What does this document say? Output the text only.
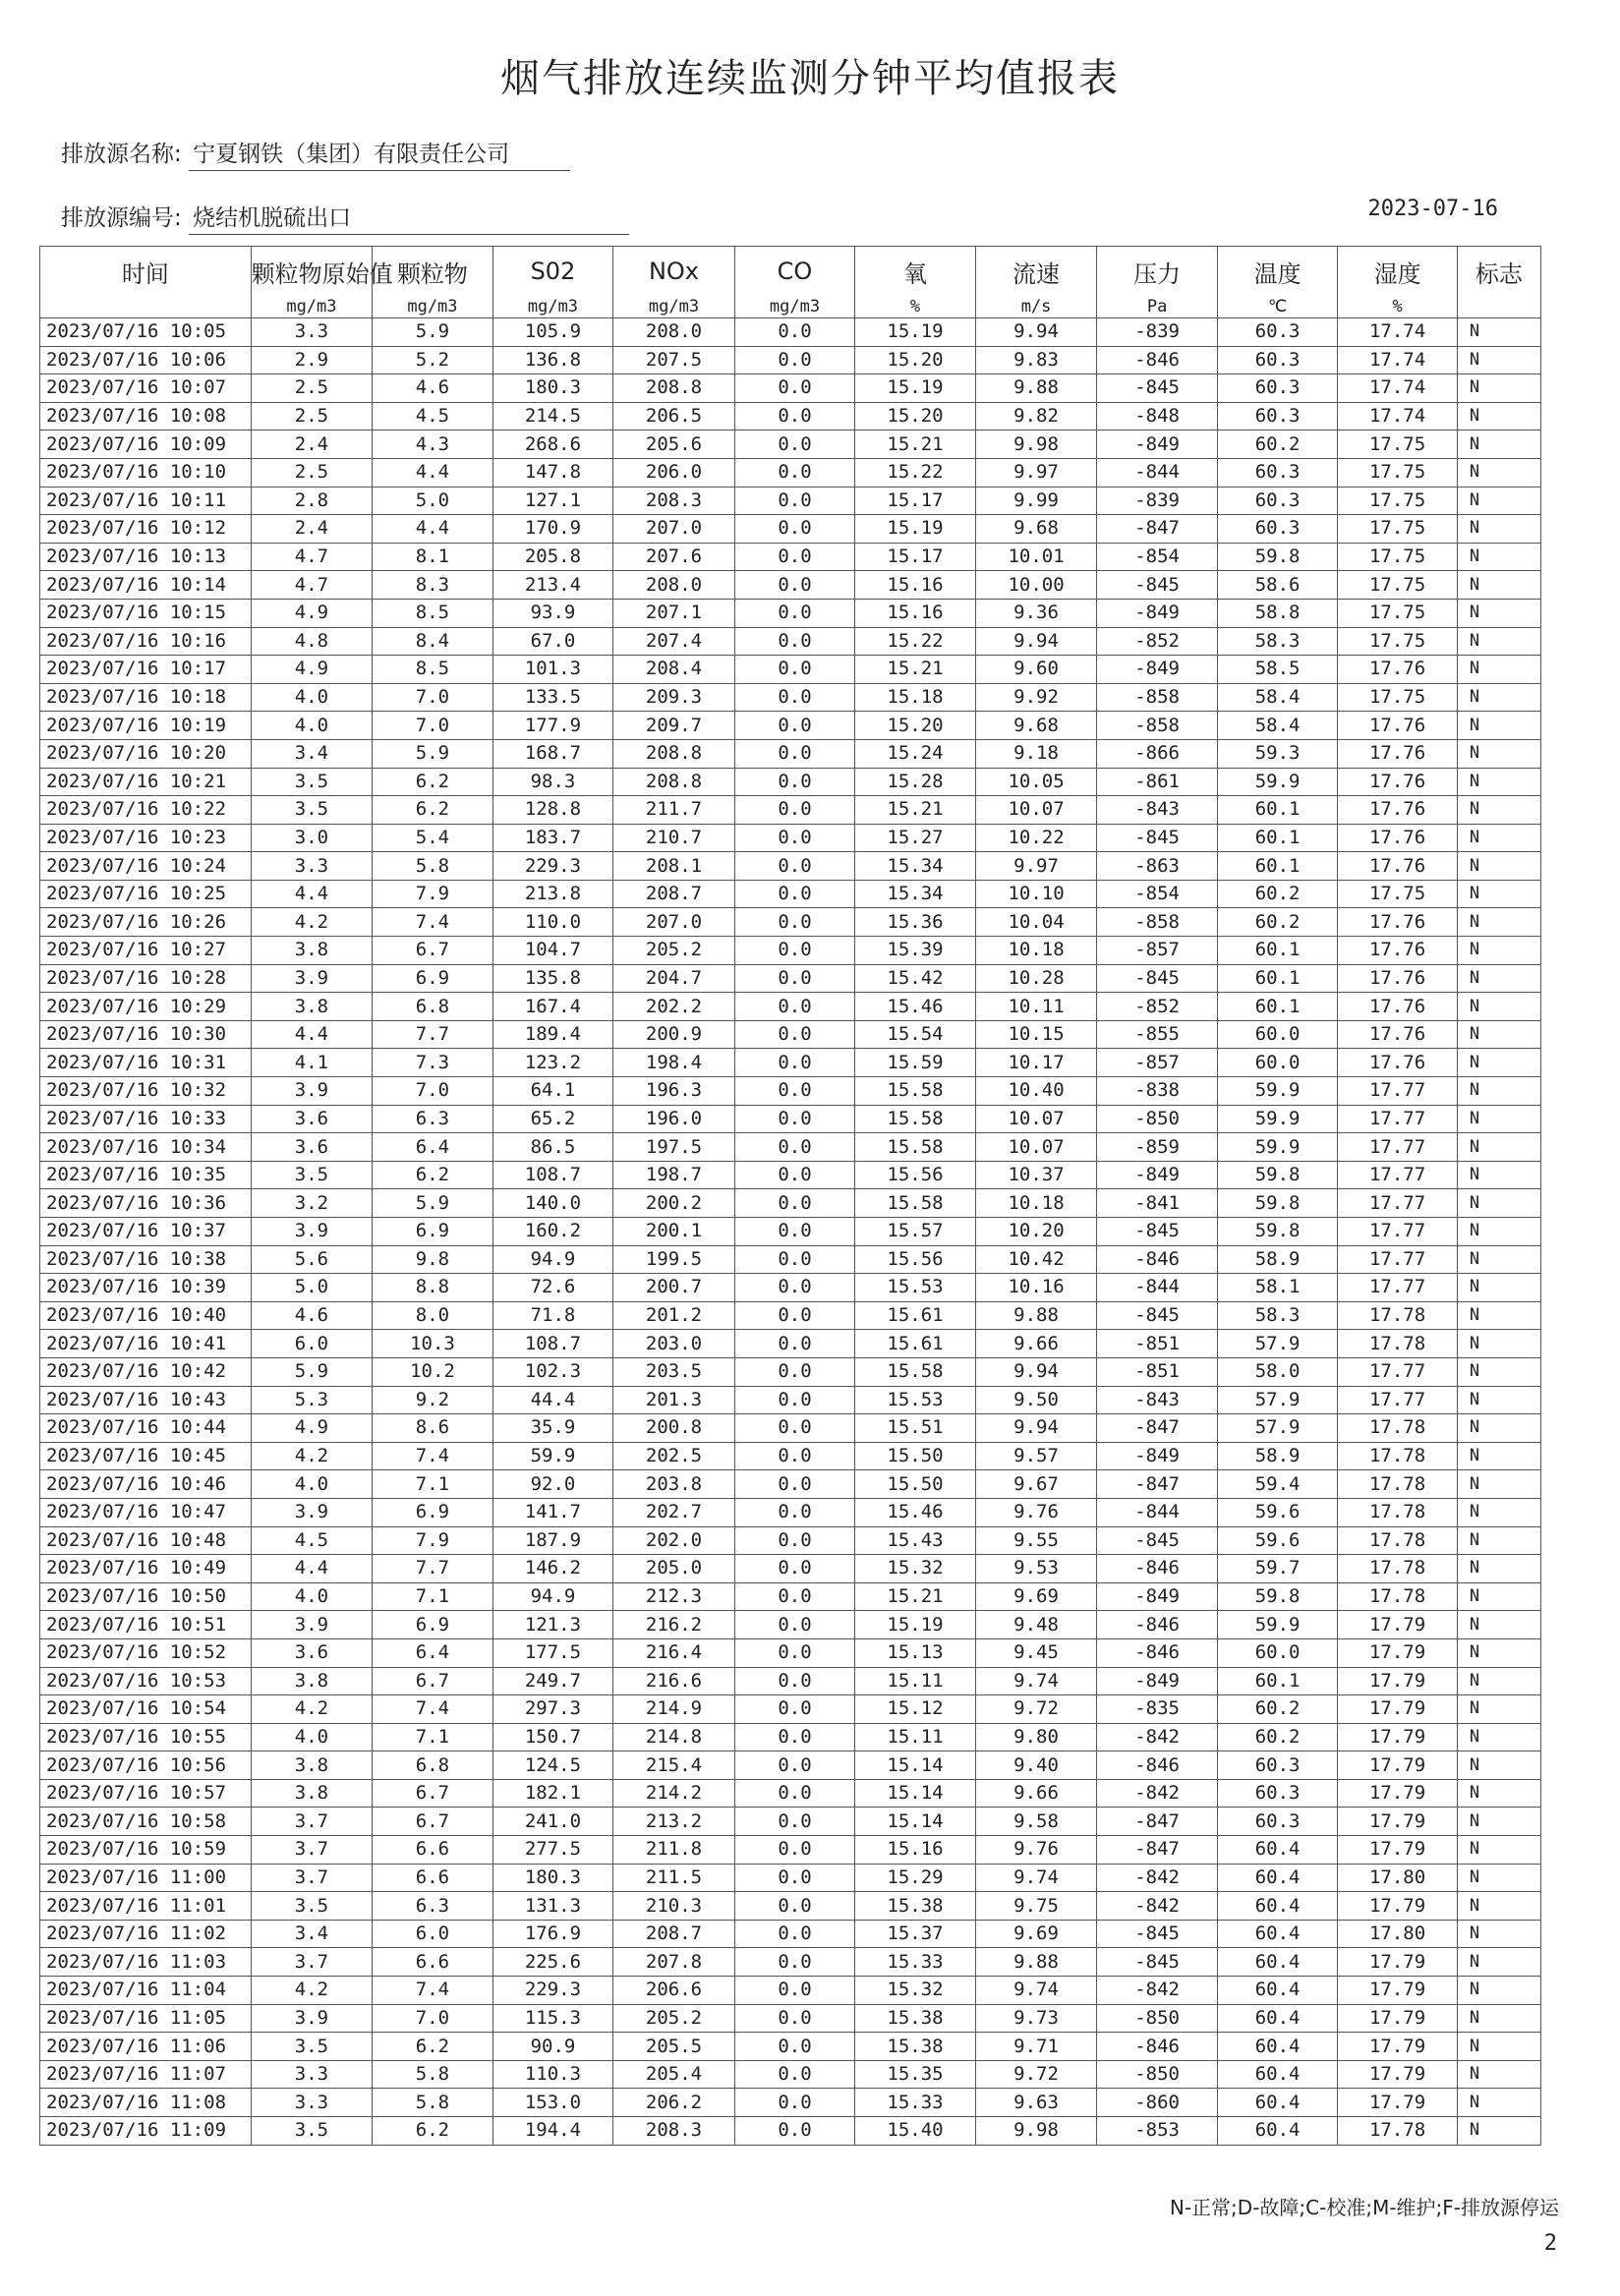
烟气排放连续监测分钟平均值报表
排放源名称: 宁夏钢铁（集团）有限责任公司
排放源编号: 烧结机脱硫出口	2023-07-16
时间	颗粒物原始值	颗粒物	S02	NOx	CO	氧	流速	压力	温度	湿度	标志
	mg/m3	mg/m3	mg/m3	mg/m3	mg/m3	%	m/s	Pa	℃	%	
2023/07/16 10:05	3.3	5.9	105.9	208.0	0.0	15.19	9.94	-839	60.3	17.74	N
2023/07/16 10:06	2.9	5.2	136.8	207.5	0.0	15.20	9.83	-846	60.3	17.74	N
2023/07/16 10:07	2.5	4.6	180.3	208.8	0.0	15.19	9.88	-845	60.3	17.74	N
2023/07/16 10:08	2.5	4.5	214.5	206.5	0.0	15.20	9.82	-848	60.3	17.74	N
2023/07/16 10:09	2.4	4.3	268.6	205.6	0.0	15.21	9.98	-849	60.2	17.75	N
2023/07/16 10:10	2.5	4.4	147.8	206.0	0.0	15.22	9.97	-844	60.3	17.75	N
2023/07/16 10:11	2.8	5.0	127.1	208.3	0.0	15.17	9.99	-839	60.3	17.75	N
2023/07/16 10:12	2.4	4.4	170.9	207.0	0.0	15.19	9.68	-847	60.3	17.75	N
2023/07/16 10:13	4.7	8.1	205.8	207.6	0.0	15.17	10.01	-854	59.8	17.75	N
2023/07/16 10:14	4.7	8.3	213.4	208.0	0.0	15.16	10.00	-845	58.6	17.75	N
2023/07/16 10:15	4.9	8.5	93.9	207.1	0.0	15.16	9.36	-849	58.8	17.75	N
2023/07/16 10:16	4.8	8.4	67.0	207.4	0.0	15.22	9.94	-852	58.3	17.75	N
2023/07/16 10:17	4.9	8.5	101.3	208.4	0.0	15.21	9.60	-849	58.5	17.76	N
2023/07/16 10:18	4.0	7.0	133.5	209.3	0.0	15.18	9.92	-858	58.4	17.75	N
2023/07/16 10:19	4.0	7.0	177.9	209.7	0.0	15.20	9.68	-858	58.4	17.76	N
2023/07/16 10:20	3.4	5.9	168.7	208.8	0.0	15.24	9.18	-866	59.3	17.76	N
2023/07/16 10:21	3.5	6.2	98.3	208.8	0.0	15.28	10.05	-861	59.9	17.76	N
2023/07/16 10:22	3.5	6.2	128.8	211.7	0.0	15.21	10.07	-843	60.1	17.76	N
2023/07/16 10:23	3.0	5.4	183.7	210.7	0.0	15.27	10.22	-845	60.1	17.76	N
2023/07/16 10:24	3.3	5.8	229.3	208.1	0.0	15.34	9.97	-863	60.1	17.76	N
2023/07/16 10:25	4.4	7.9	213.8	208.7	0.0	15.34	10.10	-854	60.2	17.75	N
2023/07/16 10:26	4.2	7.4	110.0	207.0	0.0	15.36	10.04	-858	60.2	17.76	N
2023/07/16 10:27	3.8	6.7	104.7	205.2	0.0	15.39	10.18	-857	60.1	17.76	N
2023/07/16 10:28	3.9	6.9	135.8	204.7	0.0	15.42	10.28	-845	60.1	17.76	N
2023/07/16 10:29	3.8	6.8	167.4	202.2	0.0	15.46	10.11	-852	60.1	17.76	N
2023/07/16 10:30	4.4	7.7	189.4	200.9	0.0	15.54	10.15	-855	60.0	17.76	N
2023/07/16 10:31	4.1	7.3	123.2	198.4	0.0	15.59	10.17	-857	60.0	17.76	N
2023/07/16 10:32	3.9	7.0	64.1	196.3	0.0	15.58	10.40	-838	59.9	17.77	N
2023/07/16 10:33	3.6	6.3	65.2	196.0	0.0	15.58	10.07	-850	59.9	17.77	N
2023/07/16 10:34	3.6	6.4	86.5	197.5	0.0	15.58	10.07	-859	59.9	17.77	N
2023/07/16 10:35	3.5	6.2	108.7	198.7	0.0	15.56	10.37	-849	59.8	17.77	N
2023/07/16 10:36	3.2	5.9	140.0	200.2	0.0	15.58	10.18	-841	59.8	17.77	N
2023/07/16 10:37	3.9	6.9	160.2	200.1	0.0	15.57	10.20	-845	59.8	17.77	N
2023/07/16 10:38	5.6	9.8	94.9	199.5	0.0	15.56	10.42	-846	58.9	17.77	N
2023/07/16 10:39	5.0	8.8	72.6	200.7	0.0	15.53	10.16	-844	58.1	17.77	N
2023/07/16 10:40	4.6	8.0	71.8	201.2	0.0	15.61	9.88	-845	58.3	17.78	N
2023/07/16 10:41	6.0	10.3	108.7	203.0	0.0	15.61	9.66	-851	57.9	17.78	N
2023/07/16 10:42	5.9	10.2	102.3	203.5	0.0	15.58	9.94	-851	58.0	17.77	N
2023/07/16 10:43	5.3	9.2	44.4	201.3	0.0	15.53	9.50	-843	57.9	17.77	N
2023/07/16 10:44	4.9	8.6	35.9	200.8	0.0	15.51	9.94	-847	57.9	17.78	N
2023/07/16 10:45	4.2	7.4	59.9	202.5	0.0	15.50	9.57	-849	58.9	17.78	N
2023/07/16 10:46	4.0	7.1	92.0	203.8	0.0	15.50	9.67	-847	59.4	17.78	N
2023/07/16 10:47	3.9	6.9	141.7	202.7	0.0	15.46	9.76	-844	59.6	17.78	N
2023/07/16 10:48	4.5	7.9	187.9	202.0	0.0	15.43	9.55	-845	59.6	17.78	N
2023/07/16 10:49	4.4	7.7	146.2	205.0	0.0	15.32	9.53	-846	59.7	17.78	N
2023/07/16 10:50	4.0	7.1	94.9	212.3	0.0	15.21	9.69	-849	59.8	17.78	N
2023/07/16 10:51	3.9	6.9	121.3	216.2	0.0	15.19	9.48	-846	59.9	17.79	N
2023/07/16 10:52	3.6	6.4	177.5	216.4	0.0	15.13	9.45	-846	60.0	17.79	N
2023/07/16 10:53	3.8	6.7	249.7	216.6	0.0	15.11	9.74	-849	60.1	17.79	N
2023/07/16 10:54	4.2	7.4	297.3	214.9	0.0	15.12	9.72	-835	60.2	17.79	N
2023/07/16 10:55	4.0	7.1	150.7	214.8	0.0	15.11	9.80	-842	60.2	17.79	N
2023/07/16 10:56	3.8	6.8	124.5	215.4	0.0	15.14	9.40	-846	60.3	17.79	N
2023/07/16 10:57	3.8	6.7	182.1	214.2	0.0	15.14	9.66	-842	60.3	17.79	N
2023/07/16 10:58	3.7	6.7	241.0	213.2	0.0	15.14	9.58	-847	60.3	17.79	N
2023/07/16 10:59	3.7	6.6	277.5	211.8	0.0	15.16	9.76	-847	60.4	17.79	N
2023/07/16 11:00	3.7	6.6	180.3	211.5	0.0	15.29	9.74	-842	60.4	17.80	N
2023/07/16 11:01	3.5	6.3	131.3	210.3	0.0	15.38	9.75	-842	60.4	17.79	N
2023/07/16 11:02	3.4	6.0	176.9	208.7	0.0	15.37	9.69	-845	60.4	17.80	N
2023/07/16 11:03	3.7	6.6	225.6	207.8	0.0	15.33	9.88	-845	60.4	17.79	N
2023/07/16 11:04	4.2	7.4	229.3	206.6	0.0	15.32	9.74	-842	60.4	17.79	N
2023/07/16 11:05	3.9	7.0	115.3	205.2	0.0	15.38	9.73	-850	60.4	17.79	N
2023/07/16 11:06	3.5	6.2	90.9	205.5	0.0	15.38	9.71	-846	60.4	17.79	N
2023/07/16 11:07	3.3	5.8	110.3	205.4	0.0	15.35	9.72	-850	60.4	17.79	N
2023/07/16 11:08	3.3	5.8	153.0	206.2	0.0	15.33	9.63	-860	60.4	17.79	N
2023/07/16 11:09	3.5	6.2	194.4	208.3	0.0	15.40	9.98	-853	60.4	17.78	N
N-正常;D-故障;C-校准;M-维护;F-排放源停运
2
